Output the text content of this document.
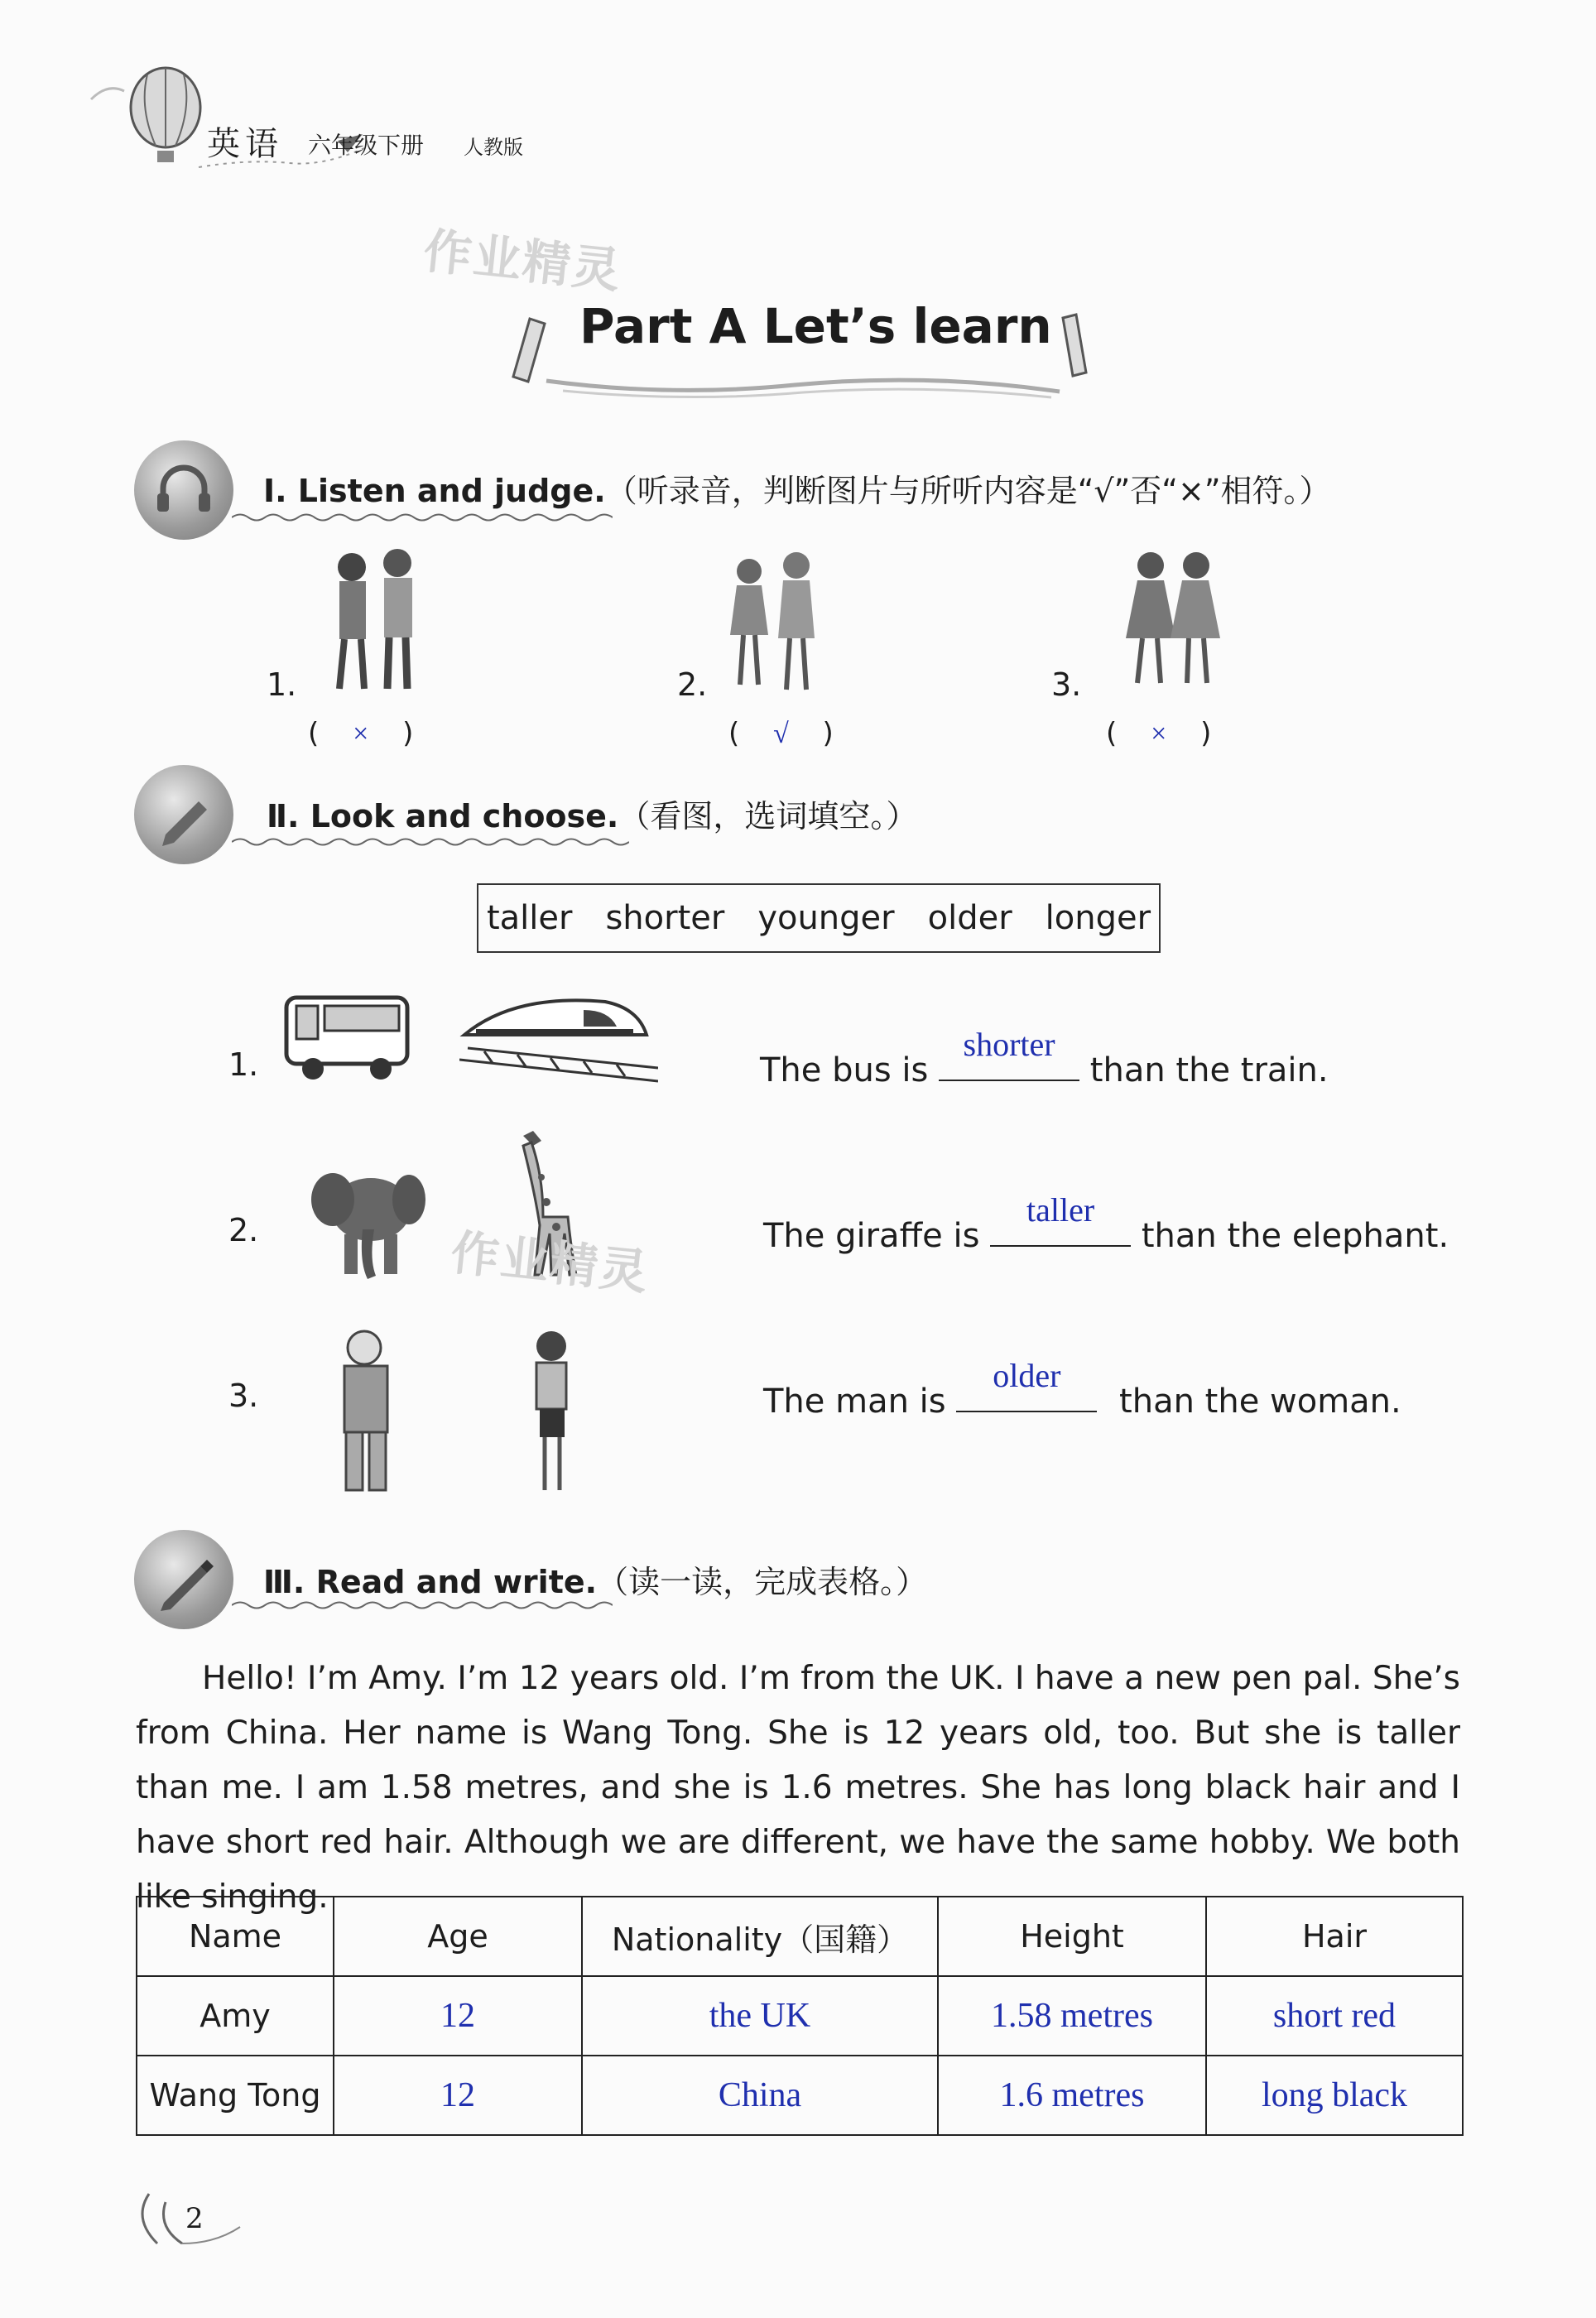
英语 六年级下册 人教版
作业精灵
Part A Let’s learn
Ⅰ. Listen and judge.（听录音，判断图片与所听内容是“√”否“×”相符。）
1.	2.	3.
( × )	( √ )	( × )
Ⅱ. Look and choose.（看图，选词填空。）
taller shorter younger older longer
作业精灵
1.
2.
3.
The bus is
shorter
than the train.
The giraffe is
taller
than the elephant.
The man is
older
than the woman.
Ⅲ. Read and write.（读一读，完成表格。）
Hello! I’m Amy. I’m 12 years old. I’m from the UK. I have a new pen pal. She’s from China. Her name is Wang Tong. She is 12 years old, too. But she is taller than me. I am 1.58 metres, and she is 1.6 metres. She has long black hair and I have short red hair. Although we are different, we have the same hobby. We both like singing.
Name	Age	Nationality（国籍）	Height	Hair
Amy	12	the UK	1.58 metres	short red
Wang Tong	12	China	1.6 metres	long black
2
